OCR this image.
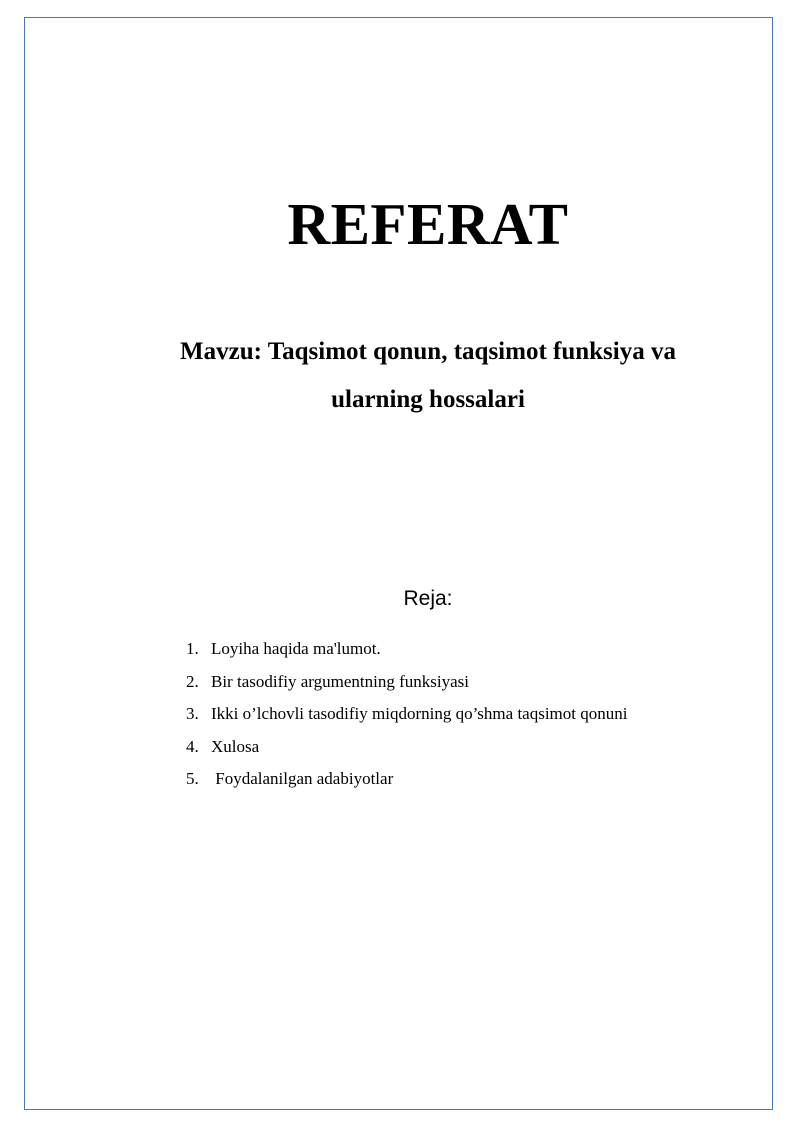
REFERAT
Mavzu: Taqsimot qonun, taqsimot funksiya va
ularning hossalari
Reja:
1. Loyiha haqida ma'lumot.
2. Bir tasodifiy argumentning funksiyasi
3. Ikki o’lchovli tasodifiy miqdorning qo’shma taqsimot qonuni
4. Xulosa
5. Foydalanilgan adabiyotlar
